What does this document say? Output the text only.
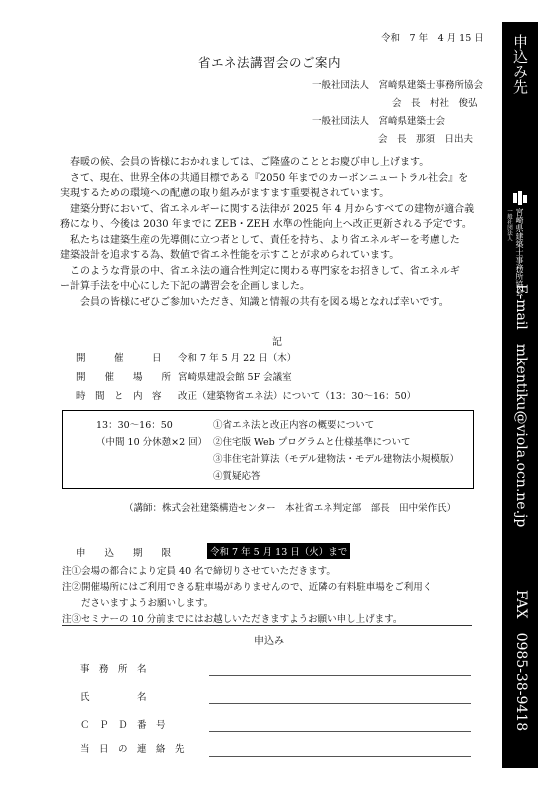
令和　7 年　4 月 15 日
省エネ法講習会のご案内
一般社団法人　宮崎県建築士事務所協会
会　長　村社　俊弘
一般社団法人　宮崎県建築士会
会　長　那須　日出夫
　春暖の候、会員の皆様におかれましては、ご隆盛のこととお慶び申し上げます。
　さて、現在、世界全体の共通目標である『2050 年までのカーボンニュートラル社会』を
実現するための環境への配慮の取り組みがますます重要視されています。
　建築分野において、省エネルギーに関する法律が 2025 年 4 月からすべての建物が適合義
務になり、今後は 2030 年までに ZEB・ZEH 水準の性能向上へ改正更新される予定です。
　私たちは建築生産の先導側に立つ者として、責任を持ち、より省エネルギーを考慮した
建築設計を追求する為、数値で省エネ性能を示すことが求められています。
　このような背景の中、省エネ法の適合性判定に関わる専門家をお招きして、省エネルギ
ー計算手法を中心にした下記の講習会を企画しました。
　　会員の皆様にぜひご参加いただき、知識と情報の共有を図る場となれば幸いです。
記
開　　　催　　　日 令和 7 年 5 月 22 日（木）
開　　催　　場　　所 宮崎県建設会館 5F 会議室
時　間　と　内　容 改正（建築物省エネ法）について（13：30〜16：50）
13：30〜16：50
（中間 10 分休憩×2 回）
①省エネ法と改正内容の概要について
②住宅版 Web プログラムと仕様基準について
③非住宅計算法（モデル建物法・モデル建物法小規模版）
④質疑応答
（講師：株式会社建築構造センター　本社省エネ判定部　部長　田中栄作氏）
申　　込　　期　　限	令和 7 年 5 月 13 日（火）まで
注①会場の都合により定員 40 名で締切りさせていただきます。
注②開催場所にはご利用できる駐車場がありませんので、近隣の有料駐車場をご利用く
　　ださいますようお願いします。
注③セミナーの 10 分前までにはお越しいただきますようお願い申し上げます。
申込み
事　務　所　名
氏　　　　　名
Ｃ　Ｐ　Ｄ　番　号
当　日　の　連　絡　先
申込み先
宮崎県建築士事務所協会
一般社団法人
E-mail　mkentiku@viola.ocn.ne.jp
FAX　0985-38-9418
